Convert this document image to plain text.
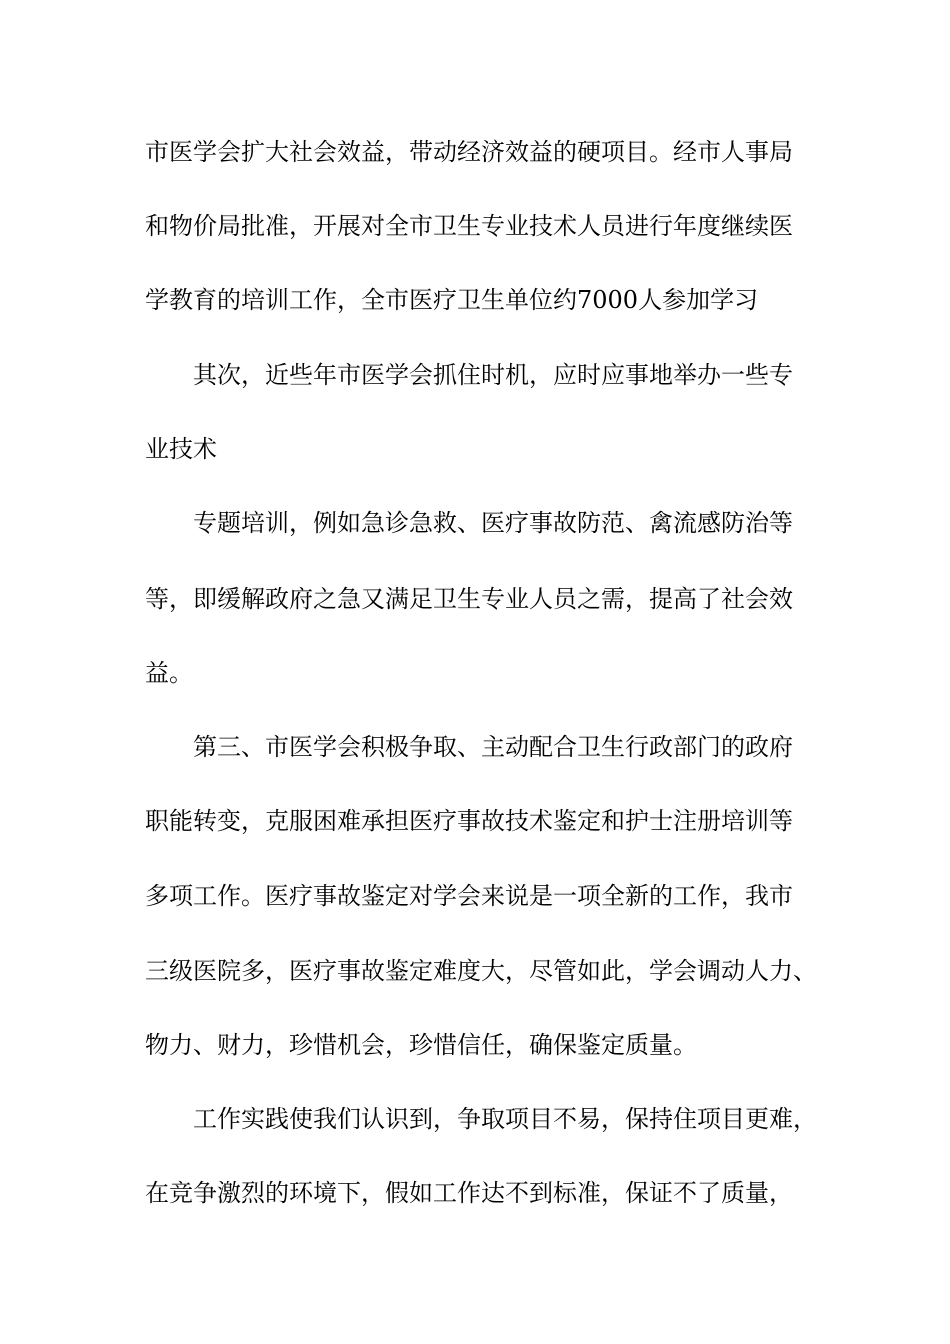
市医学会扩大社会效益，带动经济效益的硬项目。经市人事局

和物价局批准，开展对全市卫生专业技术人员进行年度继续医

学教育的培训工作，全市医疗卫生单位约7000人参加学习

其次，近些年市医学会抓住时机，应时应事地举办一些专

业技术

专题培训，例如急诊急救、医疗事故防范、禽流感防治等

等，即缓解政府之急又满足卫生专业人员之需，提高了社会效

益。

第三、市医学会积极争取、主动配合卫生行政部门的政府

职能转变，克服困难承担医疗事故技术鉴定和护士注册培训等

多项工作。医疗事故鉴定对学会来说是一项全新的工作，我市

三级医院多，医疗事故鉴定难度大，尽管如此，学会调动人力、

物力、财力，珍惜机会，珍惜信任，确保鉴定质量。

工作实践使我们认识到，争取项目不易，保持住项目更难，

在竞争激烈的环境下，假如工作达不到标准，保证不了质量，
